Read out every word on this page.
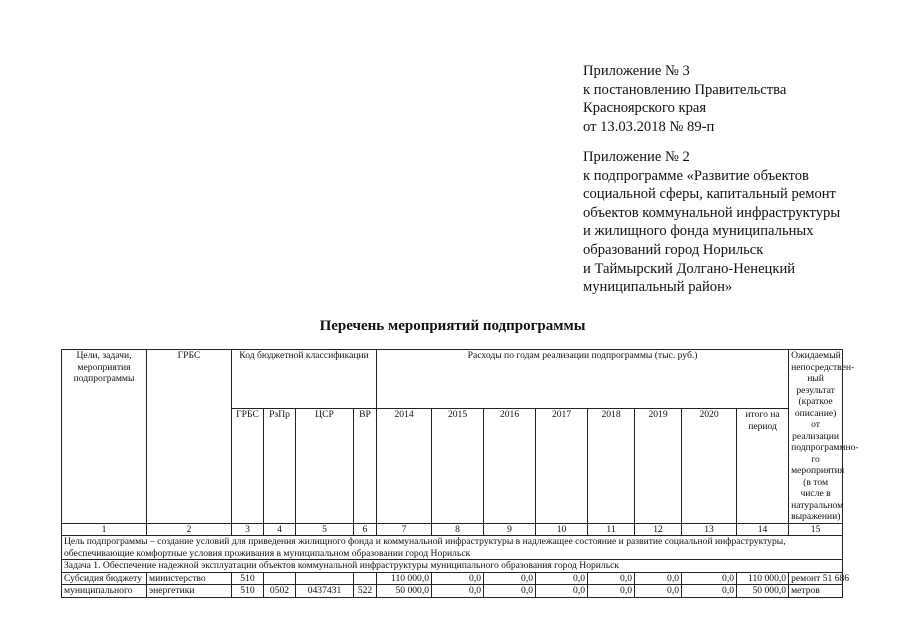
Приложение № 3
к постановлению Правительства
Красноярского края
от 13.03.2018 № 89-п
Приложение № 2
к подпрограмме «Развитие объектов
социальной сферы, капитальный ремонт
объектов коммунальной инфраструктуры
и жилищного фонда муниципальных
образований город Норильск
и Таймырский Долгано-Ненецкий
муниципальный район»
Перечень мероприятий подпрограммы
Цели, задачи, мероприятия подпрограммы	ГРБС	Код бюджетной классификации				Расходы по годам реализации подпрограммы (тыс. руб.)								Ожидаемый непосредствен-ный результат (краткое описание) от реализации подпрограммно-го мероприятия (в том числе в натуральном выражении)
		ГРБС	РзПр	ЦСР	ВР	2014	2015	2016	2017	2018	2019	2020	итого на период	
1	2	3	4	5	6	7	8	9	10	11	12	13	14	15
Цель подпрограммы – создание условий для приведения жилищного фонда и коммунальной инфраструктуры в надлежащее состояние и развитие социальной инфраструктуры, обеспечивающие комфортные условия проживания в муниципальном образовании город Норильск														
Задача 1. Обеспечение надежной эксплуатации объектов коммунальной инфраструктуры муниципального образования город Норильск														
Субсидия бюджету	министерство	510				110 000,0	0,0	0,0	0,0	0,0	0,0	0,0	110 000,0	ремонт 51 686
муниципального	энергетики	510	0502	0437431	522	50 000,0	0,0	0,0	0,0	0,0	0,0	0,0	50 000,0	метров
